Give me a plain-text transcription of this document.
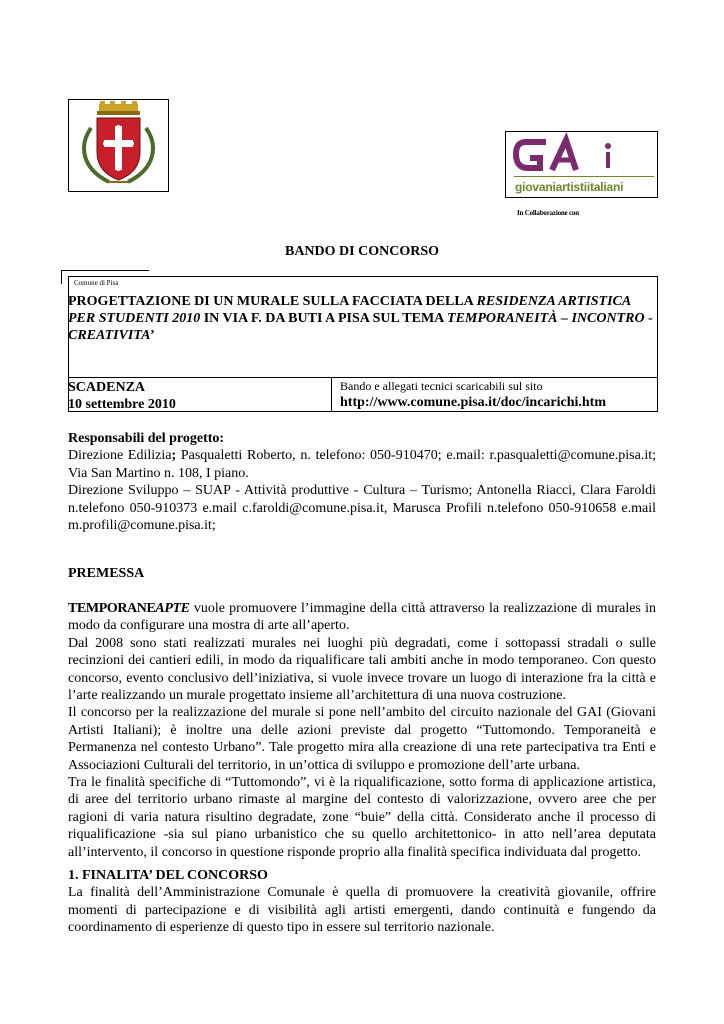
giovaniartistiitaliani
In Collaborazione con
BANDO DI CONCORSO
Comune di Pisa
PROGETTAZIONE DI UN MURALE SULLA FACCIATA DELLA RESIDENZA ARTISTICA PER STUDENTI 2010 IN VIA F. DA BUTI A PISA SUL TEMA TEMPORANEITÀ – INCONTRO - CREATIVITA’
SCADENZA
10 settembre 2010
Bando e allegati tecnici scaricabili sul sito
http://www.comune.pisa.it/doc/incarichi.htm

Responsabili del progetto:

Direzione Edilizia; Pasqualetti Roberto, n. telefono: 050-910470; e.mail: r.pasqualetti@comune.pisa.it; Via San Martino n. 108, I piano.

Direzione Sviluppo – SUAP - Attività produttive - Cultura – Turismo; Antonella Riacci, Clara Faroldi n.telefono 050-910373 e.mail c.faroldi@comune.pisa.it, Marusca Profili n.telefono 050-910658 e.mail m.profili@comune.pisa.it;

PREMESSA

TEMPORANEAPTE vuole promuovere l’immagine della città attraverso la realizzazione di murales in modo da configurare una mostra di arte all’aperto.

Dal 2008 sono stati realizzati murales nei luoghi più degradati, come i sottopassi stradali o sulle recinzioni dei cantieri edili, in modo da riqualificare tali ambiti anche in modo temporaneo. Con questo concorso, evento conclusivo dell’iniziativa, si vuole invece trovare un luogo di interazione fra la città e l’arte realizzando un murale progettato insieme all’architettura di una nuova costruzione.

Il concorso per la realizzazione del murale si pone nell’ambito del circuito nazionale del GAI (Giovani Artisti Italiani); è inoltre una delle azioni previste dal progetto “Tuttomondo. Temporaneità e Permanenza nel contesto Urbano”. Tale progetto mira alla creazione di una rete partecipativa tra Enti e Associazioni Culturali del territorio, in un’ottica di sviluppo e promozione dell’arte urbana.

Tra le finalità specifiche di “Tuttomondo”, vi è la riqualificazione, sotto forma di applicazione artistica, di aree del territorio urbano rimaste al margine del contesto di valorizzazione, ovvero aree che per ragioni di varia natura risultino degradate, zone “buie” della città. Considerato anche il processo di riqualificazione -sia sul piano urbanistico che su quello architettonico- in atto nell’area deputata all’intervento, il concorso in questione risponde proprio alla finalità specifica individuata dal progetto.

1. FINALITA’ DEL CONCORSO

La finalità dell’Amministrazione Comunale è quella di promuovere la creatività giovanile, offrire momenti di partecipazione e di visibilità agli artisti emergenti, dando continuità e fungendo da coordinamento di esperienze di questo tipo in essere sul territorio nazionale.
